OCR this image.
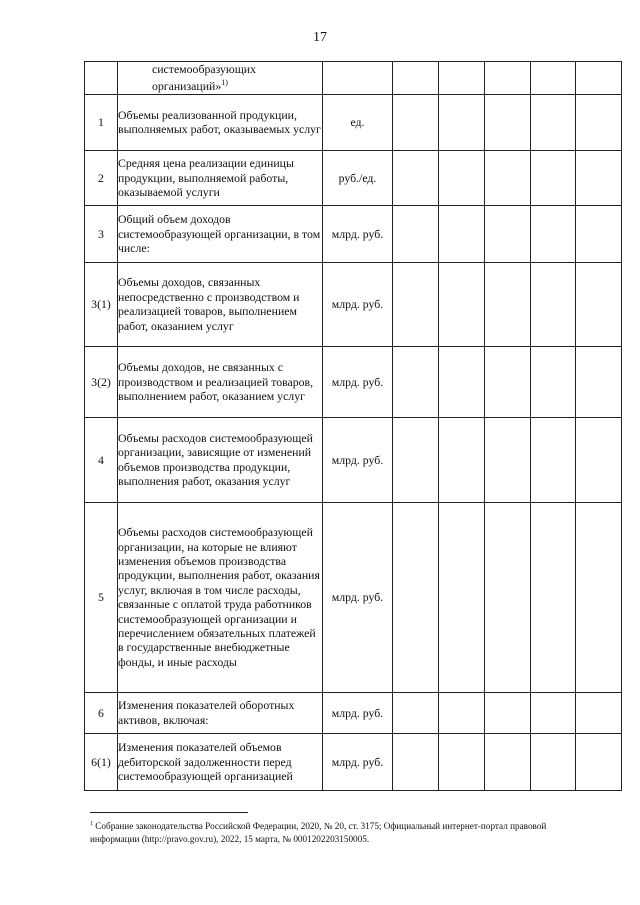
17
	системообразующих организаций»$^{1)}$						
1	Объемы реализованной продукции, выполняемых работ, оказываемых услуг	ед.					
2	Средняя цена реализации единицы продукции, выполняемой работы, оказываемой услуги	руб./ед.					
3	Общий объем доходов системообразующей организации, в том числе:	млрд. руб.					
3(1)	Объемы доходов, связанных непосредственно с производством и реализацией товаров, выполнением работ, оказанием услуг	млрд. руб.					
3(2)	Объемы доходов, не связанных с производством и реализацией товаров, выполнением работ, оказанием услуг	млрд. руб.					
4	Объемы расходов системообразующей организации, зависящие от изменений объемов производства продукции, выполнения работ, оказания услуг	млрд. руб.					
5	Объемы расходов системообразующей организации, на которые не влияют изменения объемов производства продукции, выполнения работ, оказания услуг, включая в том числе расходы, связанные с оплатой труда работников системообразующей организации и перечислением обязательных платежей в государственные внебюджетные фонды, и иные расходы	млрд. руб.					
6	Изменения показателей оборотных активов, включая:	млрд. руб.					
6(1)	Изменения показателей объемов дебиторской задолженности перед системообразующей организацией	млрд. руб.					
$^1$ Собрание законодательства Российской Федерации, 2020, № 20, ст. 3175; Официальный интернет-портал правовой информации (http://pravo.gov.ru), 2022, 15 марта, № 0001202203150005.
